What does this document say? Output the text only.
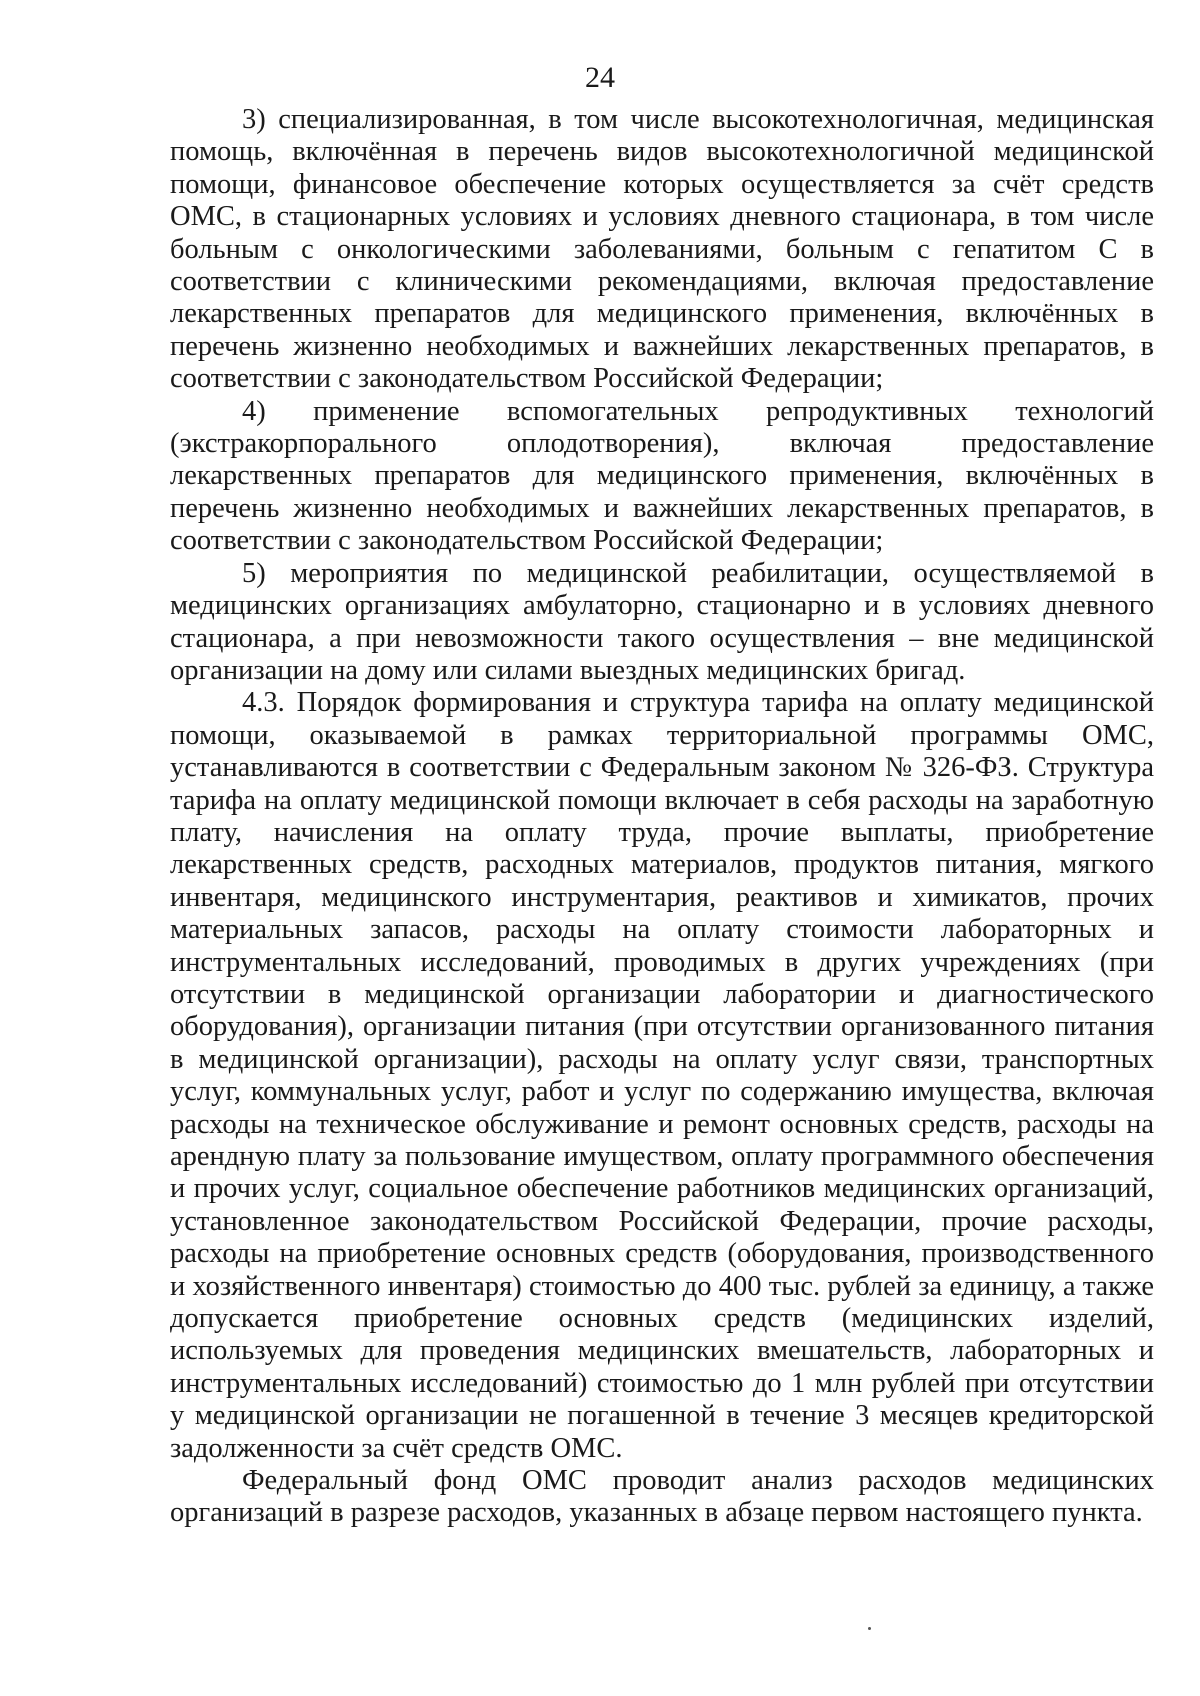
24

3) специализированная, в том числе высокотехнологичная, медицинская помощь, включённая в перечень видов высокотехнологичной медицинской помощи, финансовое обеспечение которых осуществляется за счёт средств ОМС, в стационарных условиях и условиях дневного стационара, в том числе больным с онкологическими заболеваниями, больным с гепатитом С в соответствии с клиническими рекомендациями, включая предоставление лекарственных препаратов для медицинского применения, включённых в перечень жизненно необходимых и важнейших лекарственных препаратов, в соответствии с законодательством Российской Федерации;

4) применение вспомогательных репродуктивных технологий (экстракорпорального оплодотворения), включая предоставление лекарственных препаратов для медицинского применения, включённых в перечень жизненно необходимых и важнейших лекарственных препаратов, в соответствии с законодательством Российской Федерации;

5) мероприятия по медицинской реабилитации, осуществляемой в медицинских организациях амбулаторно, стационарно и в условиях дневного стационара, а при невозможности такого осуществления – вне медицинской организации на дому или силами выездных медицинских бригад.

4.3. Порядок формирования и структура тарифа на оплату медицинской помощи, оказываемой в рамках территориальной программы ОМС, устанавливаются в соответствии с Федеральным законом № 326-ФЗ. Структура тарифа на оплату медицинской помощи включает в себя расходы на заработную плату, начисления на оплату труда, прочие выплаты, приобретение лекарственных средств, расходных материалов, продуктов питания, мягкого инвентаря, медицинского инструментария, реактивов и химикатов, прочих материальных запасов, расходы на оплату стоимости лабораторных и инструментальных исследований, проводимых в других учреждениях (при отсутствии в медицинской организации лаборатории и диагностического оборудования), организации питания (при отсутствии организованного питания в медицинской организации), расходы на оплату услуг связи, транспортных услуг, коммунальных услуг, работ и услуг по содержанию имущества, включая расходы на техническое обслуживание и ремонт основных средств, расходы на арендную плату за пользование имуществом, оплату программного обеспечения и прочих услуг, социальное обеспечение работников медицинских организаций, установленное законодательством Российской Федерации, прочие расходы, расходы на приобретение основных средств (оборудования, производственного и хозяйственного инвентаря) стоимостью до 400 тыс. рублей за единицу, а также допускается приобретение основных средств (медицинских изделий, используемых для проведения медицинских вмешательств, лабораторных и инструментальных исследований) стоимостью до 1 млн рублей при отсутствии у медицинской организации не погашенной в течение 3 месяцев кредиторской задолженности за счёт средств ОМС.

Федеральный фонд ОМС проводит анализ расходов медицинских организаций в разрезе расходов, указанных в абзаце первом настоящего пункта.
